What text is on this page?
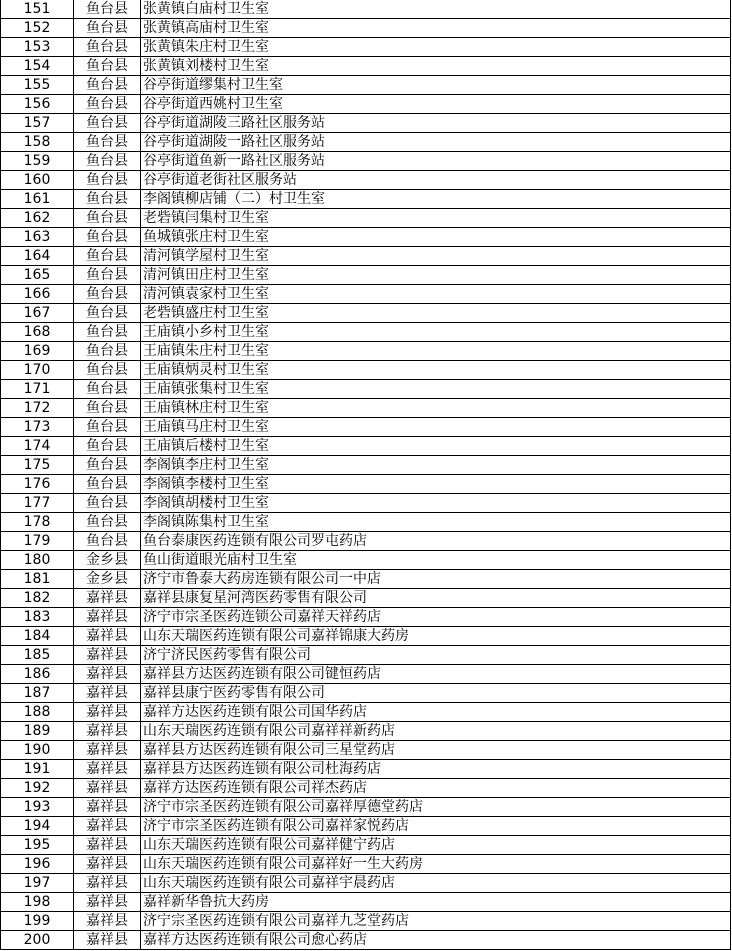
151	鱼台县	张黄镇白庙村卫生室
152	鱼台县	张黄镇高庙村卫生室
153	鱼台县	张黄镇朱庄村卫生室
154	鱼台县	张黄镇刘楼村卫生室
155	鱼台县	谷亭街道缪集村卫生室
156	鱼台县	谷亭街道西姚村卫生室
157	鱼台县	谷亭街道湖陵三路社区服务站
158	鱼台县	谷亭街道湖陵一路社区服务站
159	鱼台县	谷亭街道鱼新一路社区服务站
160	鱼台县	谷亭街道老街社区服务站
161	鱼台县	李阁镇柳店铺（二）村卫生室
162	鱼台县	老砦镇闫集村卫生室
163	鱼台县	鱼城镇张庄村卫生室
164	鱼台县	清河镇学屋村卫生室
165	鱼台县	清河镇田庄村卫生室
166	鱼台县	清河镇袁家村卫生室
167	鱼台县	老砦镇盛庄村卫生室
168	鱼台县	王庙镇小乡村卫生室
169	鱼台县	王庙镇朱庄村卫生室
170	鱼台县	王庙镇炳灵村卫生室
171	鱼台县	王庙镇张集村卫生室
172	鱼台县	王庙镇林庄村卫生室
173	鱼台县	王庙镇马庄村卫生室
174	鱼台县	王庙镇后楼村卫生室
175	鱼台县	李阁镇李庄村卫生室
176	鱼台县	李阁镇李楼村卫生室
177	鱼台县	李阁镇胡楼村卫生室
178	鱼台县	李阁镇陈集村卫生室
179	鱼台县	鱼台泰康医药连锁有限公司罗屯药店
180	金乡县	鱼山街道眼光庙村卫生室
181	金乡县	济宁市鲁泰大药房连锁有限公司一中店
182	嘉祥县	嘉祥县康复星河湾医药零售有限公司
183	嘉祥县	济宁市宗圣医药连锁公司嘉祥天祥药店
184	嘉祥县	山东天瑞医药连锁有限公司嘉祥锦康大药房
185	嘉祥县	济宁济民医药零售有限公司
186	嘉祥县	嘉祥县方达医药连锁有限公司键恒药店
187	嘉祥县	嘉祥县康宁医药零售有限公司
188	嘉祥县	嘉祥方达医药连锁有限公司国华药店
189	嘉祥县	山东天瑞医药连锁有限公司嘉祥祥新药店
190	嘉祥县	嘉祥县方达医药连锁有限公司三星堂药店
191	嘉祥县	嘉祥县方达医药连锁有限公司杜海药店
192	嘉祥县	嘉祥方达医药连锁有限公司祥杰药店
193	嘉祥县	济宁市宗圣医药连锁有限公司嘉祥厚德堂药店
194	嘉祥县	济宁市宗圣医药连锁有限公司嘉祥家悦药店
195	嘉祥县	山东天瑞医药连锁有限公司嘉祥健宁药店
196	嘉祥县	山东天瑞医药连锁有限公司嘉祥好一生大药房
197	嘉祥县	山东天瑞医药连锁有限公司嘉祥宇晨药店
198	嘉祥县	嘉祥新华鲁抗大药房
199	嘉祥县	济宁宗圣医药连锁有限公司嘉祥九芝堂药店
200	嘉祥县	嘉祥方达医药连锁有限公司愈心药店
